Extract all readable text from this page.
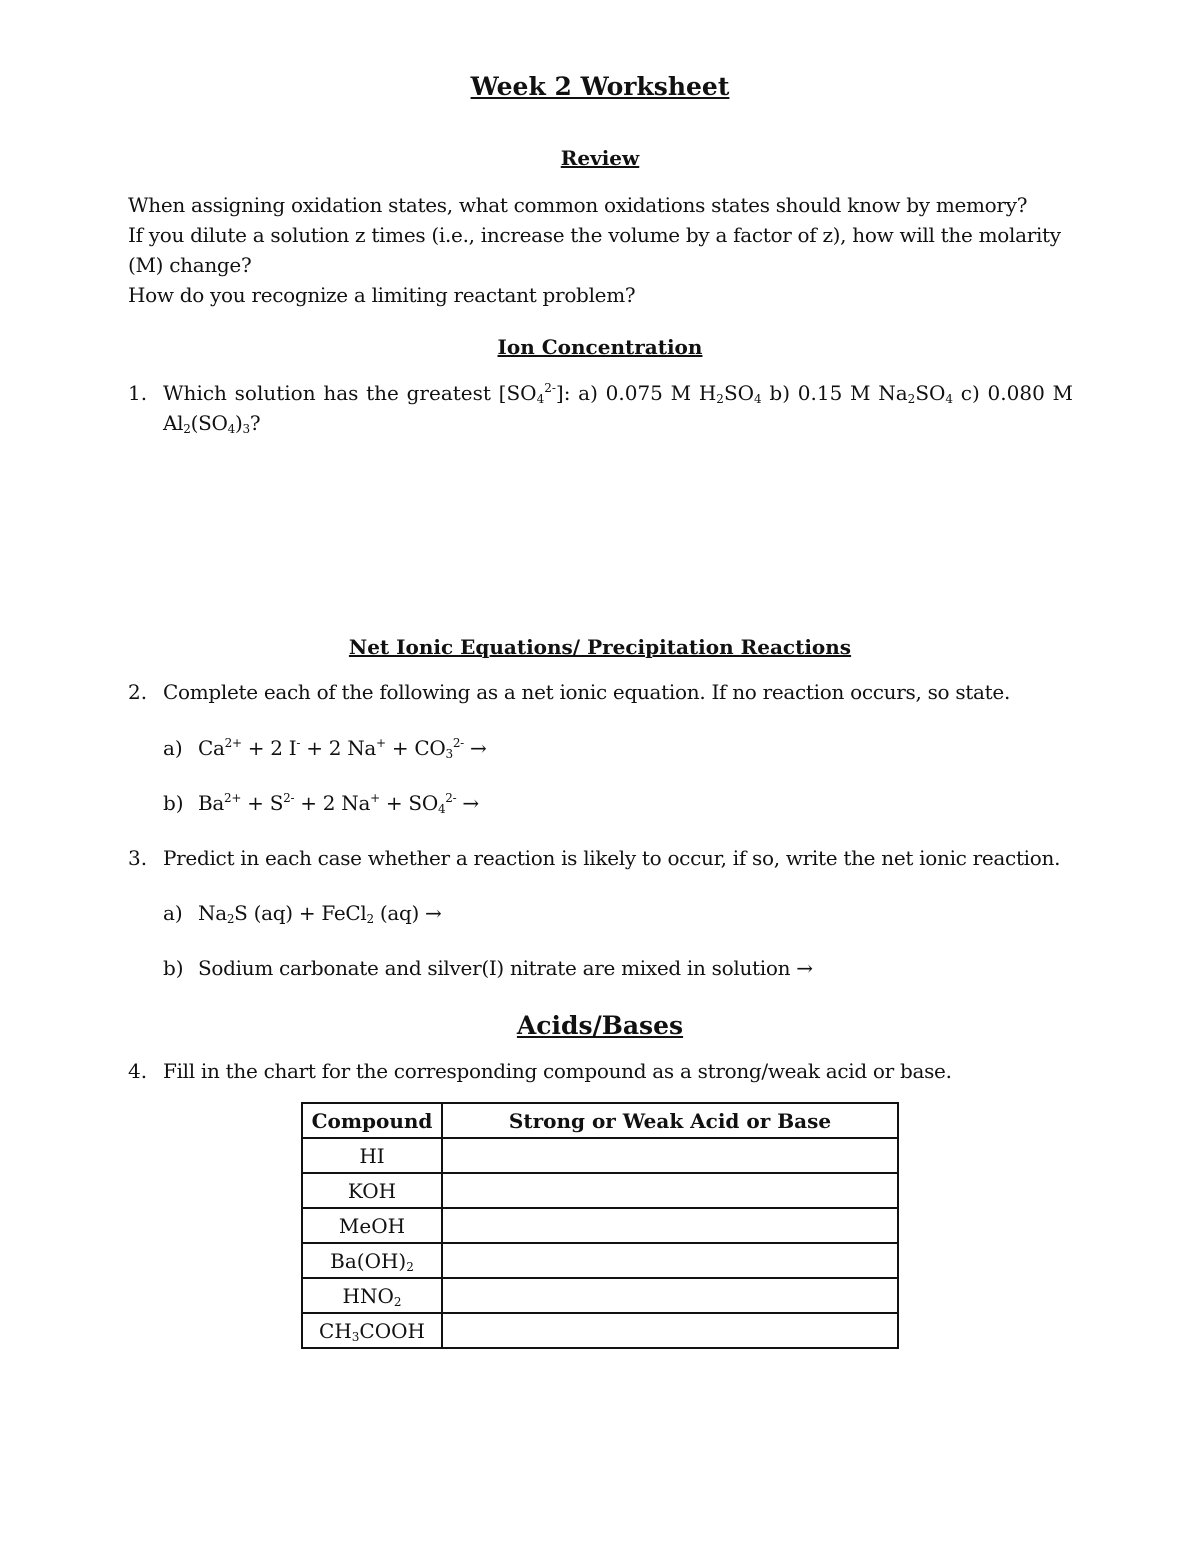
Week 2 Worksheet
Review
When assigning oxidation states, what common oxidations states should know by memory?
If you dilute a solution z times (i.e., increase the volume by a factor of z), how will the molarity
(M) change?
How do you recognize a limiting reactant problem?
Ion Concentration
1. Which solution has the greatest $[SO_4^{2-}]$: a) 0.075 M $H_2SO_4$ b) 0.15 M $Na_2SO_4$ c) 0.080 M
$Al_2(SO_4)_3$?
Net Ionic Equations/ Precipitation Reactions
2. Complete each of the following as a net ionic equation. If no reaction occurs, so state.
a) $Ca^{2+} + 2$ I- + 2 $Na^+ + CO_3^{2-}$ →
b) $Ba^{2+} + S^{2-} + 2$ $Na^+ + SO_4^{2-}$ →
3. Predict in each case whether a reaction is likely to occur, if so, write the net ionic reaction.
a) $Na_2S$ (aq) + FeCl$_2$ (aq) →
b) Sodium carbonate and silver(I) nitrate are mixed in solution →
Acids/Bases
4. Fill in the chart for the corresponding compound as a strong/weak acid or base.
Compound	Strong or Weak Acid or Base
HI	
KOH	
MeOH	
$Ba(OH)_2$	
$HNO_2$	
$CH_3COOH$	
